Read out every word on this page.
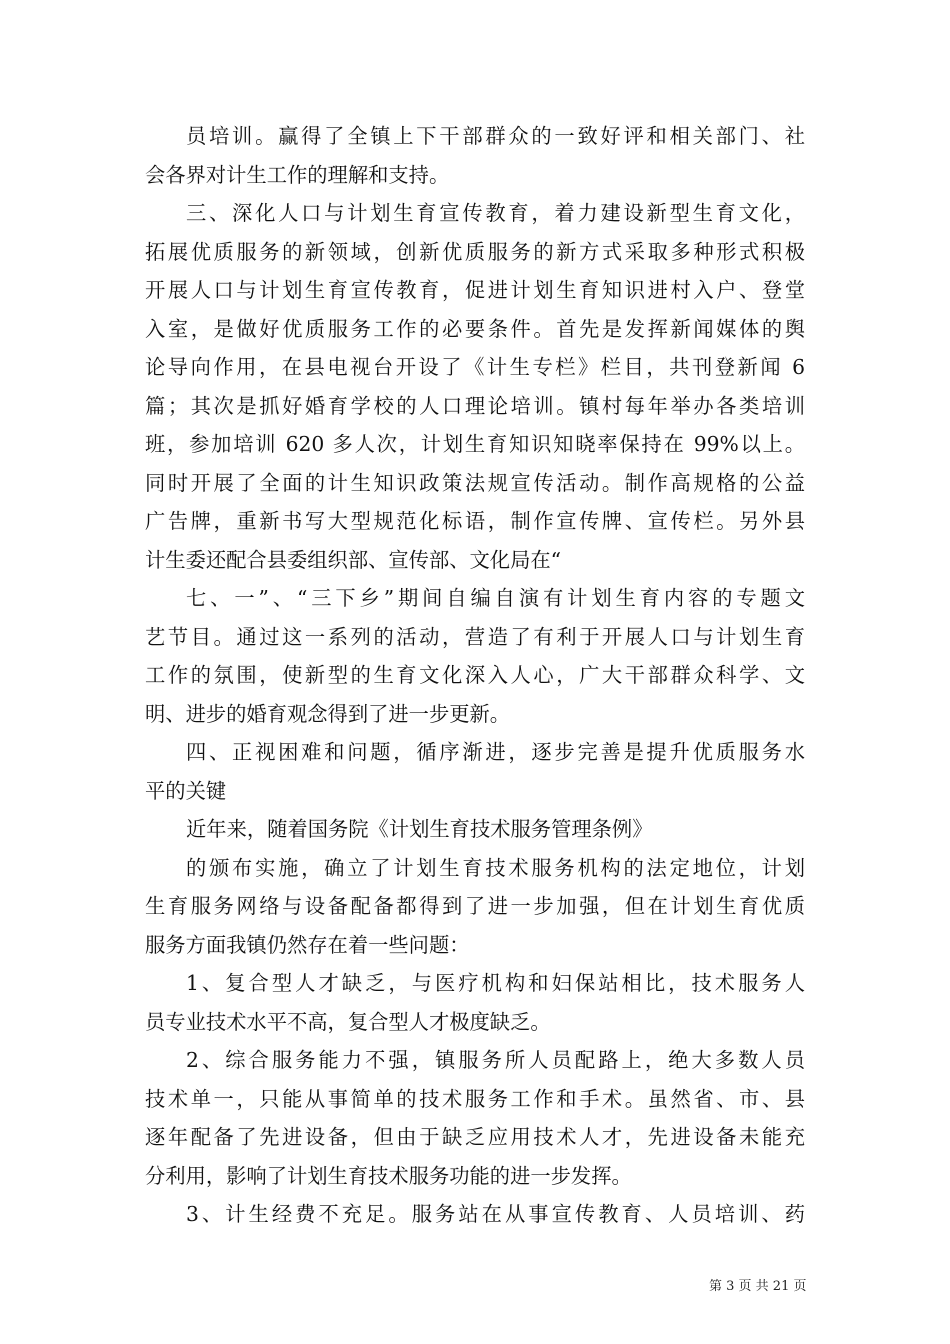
员培训。赢得了全镇上下干部群众的一致好评和相关部门、社
会各界对计生工作的理解和支持。
三、深化人口与计划生育宣传教育，着力建设新型生育文化，
拓展优质服务的新领域，创新优质服务的新方式采取多种形式积极
开展人口与计划生育宣传教育，促进计划生育知识进村入户、登堂
入室，是做好优质服务工作的必要条件。首先是发挥新闻媒体的舆
论导向作用，在县电视台开设了《计生专栏》栏目，共刊登新闻 6
篇；其次是抓好婚育学校的人口理论培训。镇村每年举办各类培训
班，参加培训 620 多人次，计划生育知识知晓率保持在 99%以上。
同时开展了全面的计生知识政策法规宣传活动。制作高规格的公益
广告牌，重新书写大型规范化标语，制作宣传牌、宣传栏。另外县
计生委还配合县委组织部、宣传部、文化局在“
七、一”、“三下乡”期间自编自演有计划生育内容的专题文
艺节目。通过这一系列的活动，营造了有利于开展人口与计划生育
工作的氛围，使新型的生育文化深入人心，广大干部群众科学、文
明、进步的婚育观念得到了进一步更新。
四、正视困难和问题，循序渐进，逐步完善是提升优质服务水
平的关键
近年来，随着国务院《计划生育技术服务管理条例》
的颁布实施，确立了计划生育技术服务机构的法定地位，计划
生育服务网络与设备配备都得到了进一步加强，但在计划生育优质
服务方面我镇仍然存在着一些问题：
1、复合型人才缺乏，与医疗机构和妇保站相比，技术服务人
员专业技术水平不高，复合型人才极度缺乏。
2、综合服务能力不强，镇服务所人员配路上，绝大多数人员
技术单一，只能从事简单的技术服务工作和手术。虽然省、市、县
逐年配备了先进设备，但由于缺乏应用技术人才，先进设备未能充
分利用，影响了计划生育技术服务功能的进一步发挥。
3、计生经费不充足。服务站在从事宣传教育、人员培训、药
第 3 页 共 21 页
